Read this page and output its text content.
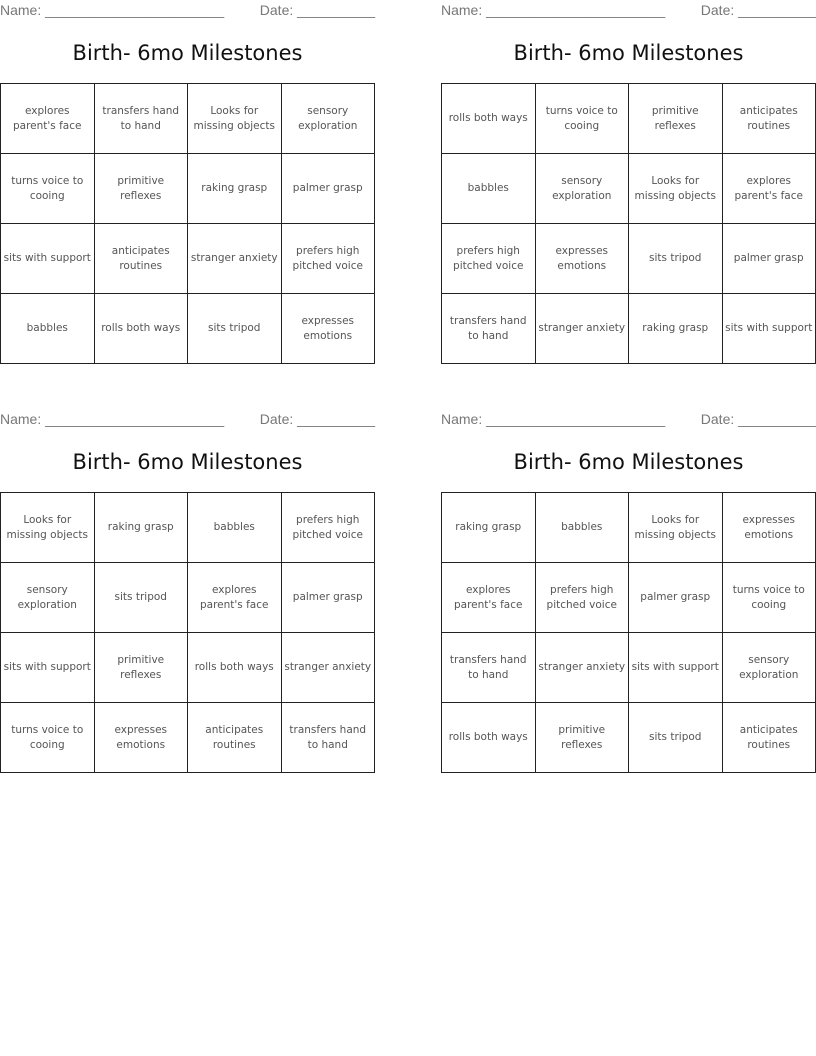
Name: _______________________	Date: __________
Birth- 6mo Milestones
explores parent's face	transfers hand to hand	Looks for missing objects	sensory exploration
turns voice to cooing	primitive reflexes	raking grasp	palmer grasp
sits with support	anticipates routines	stranger anxiety	prefers high pitched voice
babbles	rolls both ways	sits tripod	expresses emotions
Name: _______________________	Date: __________
Birth- 6mo Milestones
rolls both ways	turns voice to cooing	primitive reflexes	anticipates routines
babbles	sensory exploration	Looks for missing objects	explores parent's face
prefers high pitched voice	expresses emotions	sits tripod	palmer grasp
transfers hand to hand	stranger anxiety	raking grasp	sits with support
Name: _______________________	Date: __________
Birth- 6mo Milestones
Looks for missing objects	raking grasp	babbles	prefers high pitched voice
sensory exploration	sits tripod	explores parent's face	palmer grasp
sits with support	primitive reflexes	rolls both ways	stranger anxiety
turns voice to cooing	expresses emotions	anticipates routines	transfers hand to hand
Name: _______________________	Date: __________
Birth- 6mo Milestones
raking grasp	babbles	Looks for missing objects	expresses emotions
explores parent's face	prefers high pitched voice	palmer grasp	turns voice to cooing
transfers hand to hand	stranger anxiety	sits with support	sensory exploration
rolls both ways	primitive reflexes	sits tripod	anticipates routines
